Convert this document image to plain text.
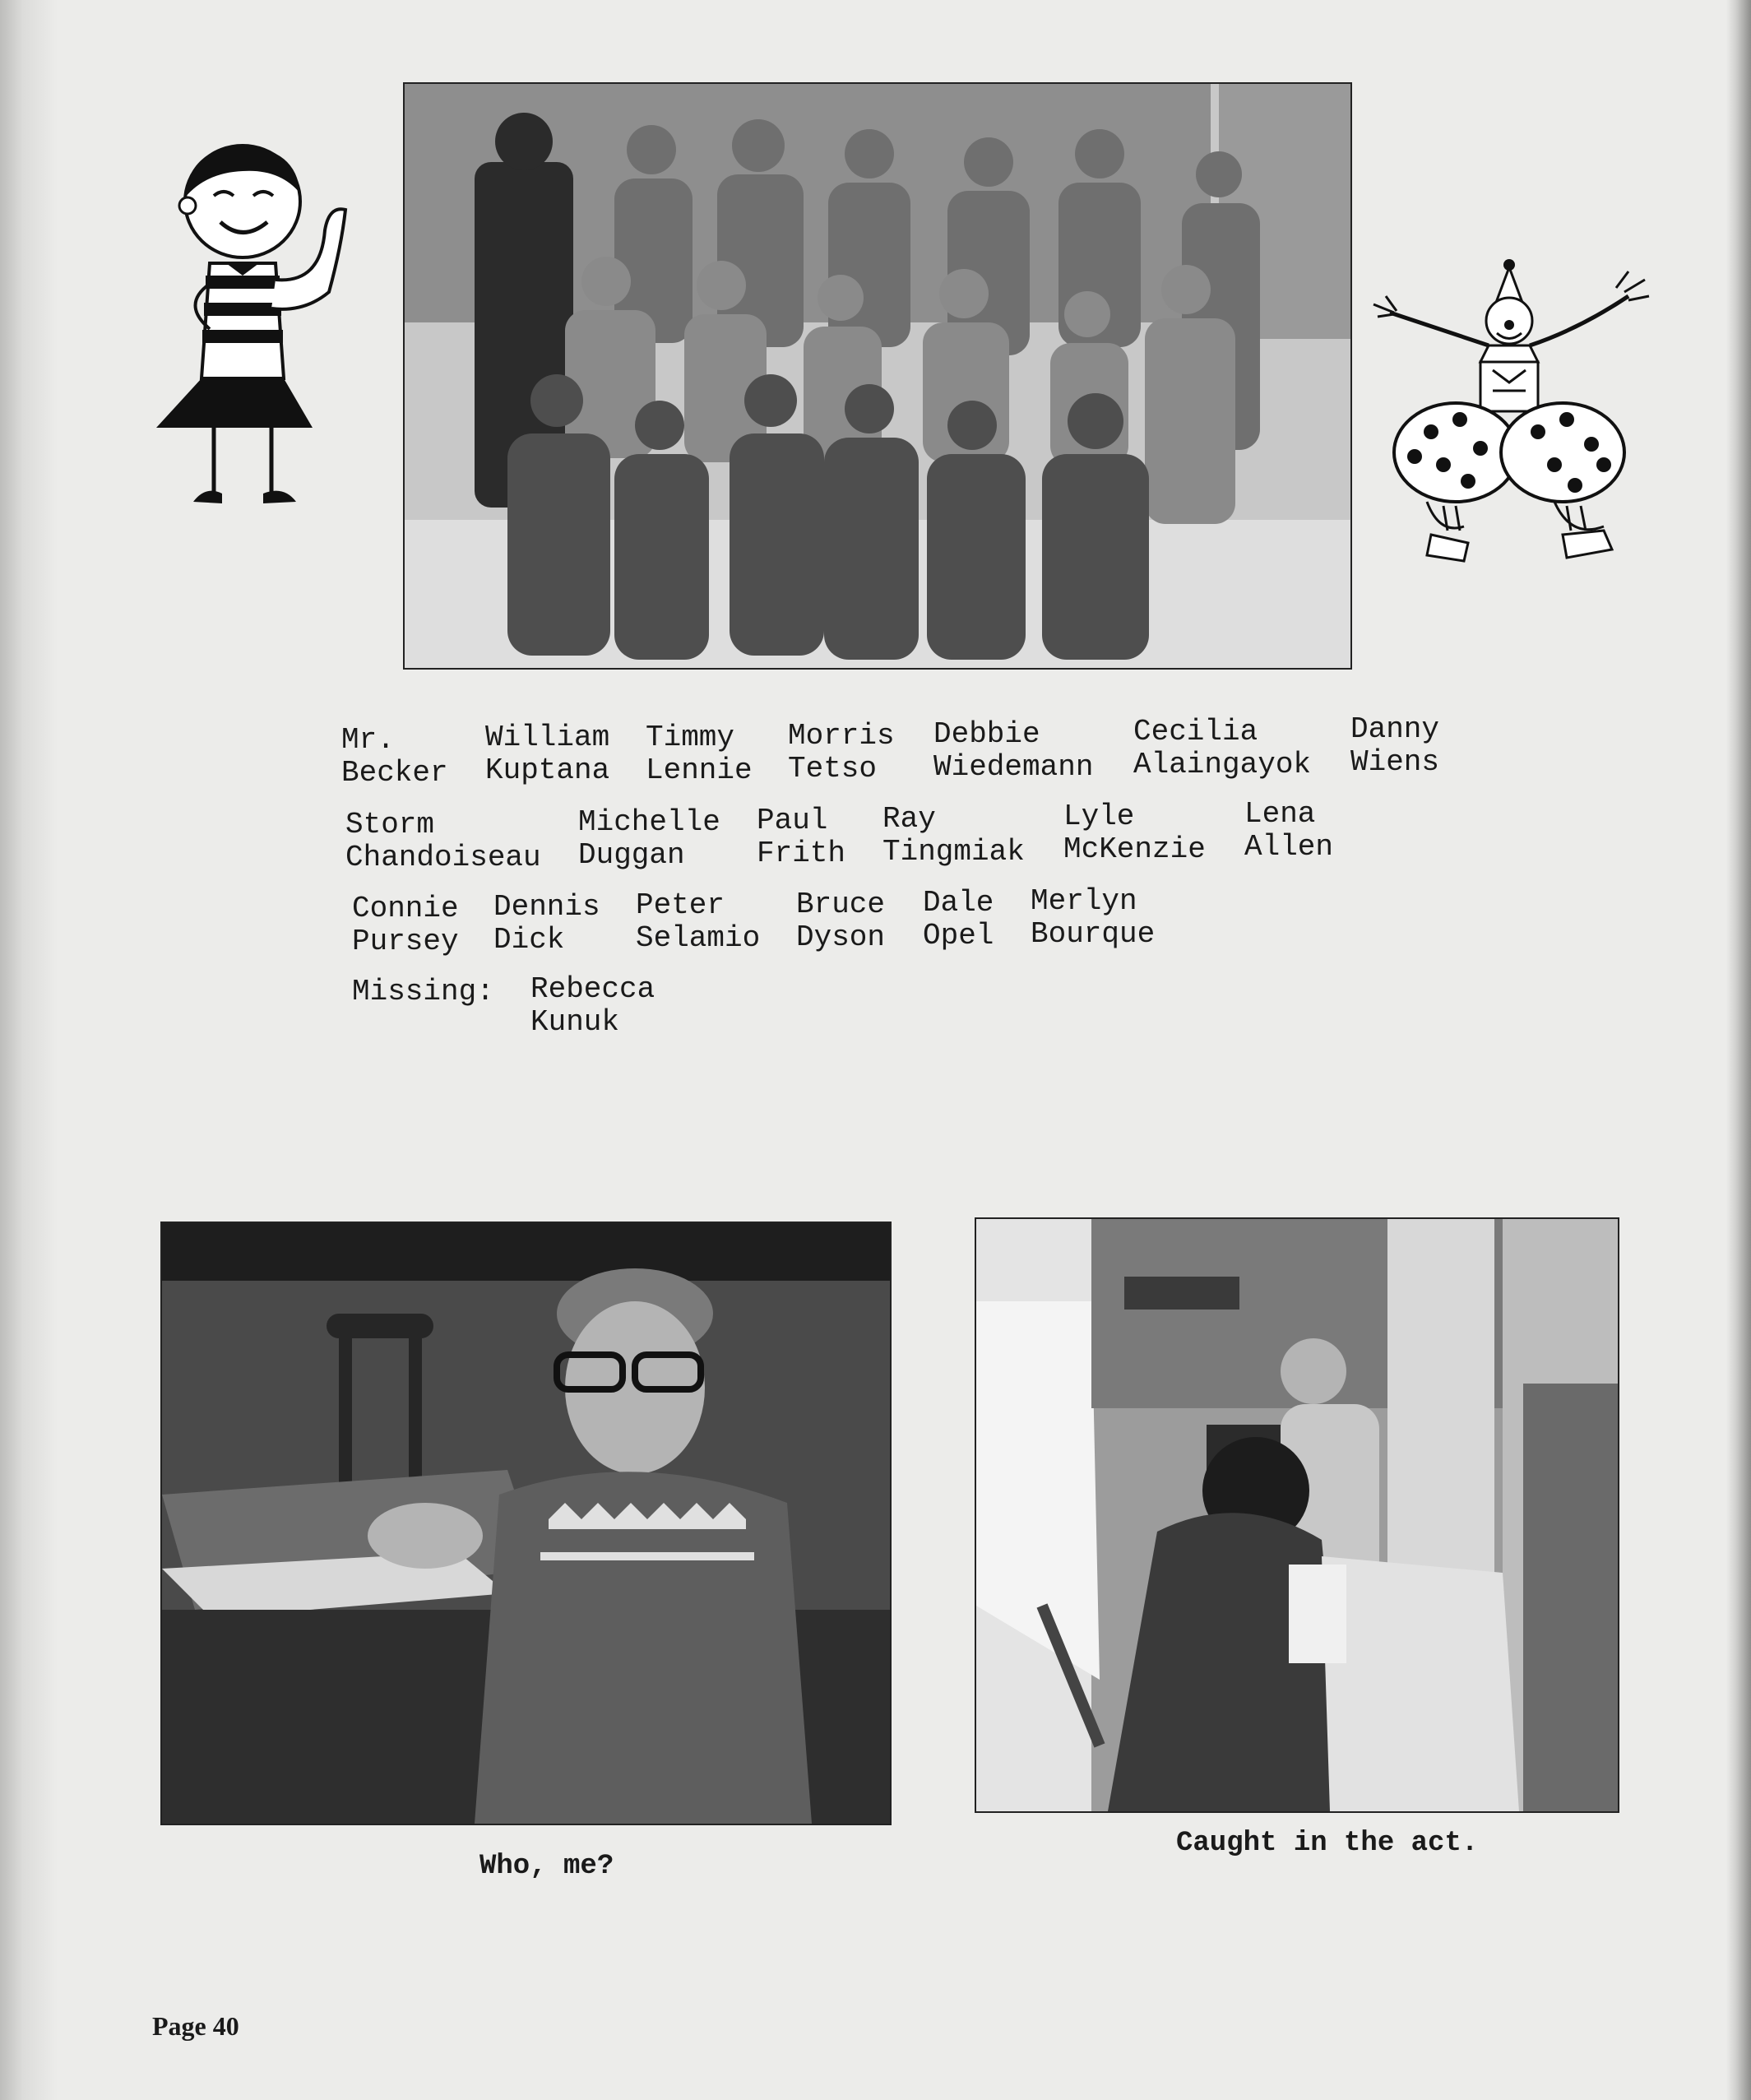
Mr.
Becker

William
Kuptana

Timmy
Lennie

Morris
Tetso

Debbie
Wiedemann

Cecilia
Alaingayok

Danny
Wiens

Storm
Chandoiseau

Michelle
Duggan

Paul
Frith

Ray
Tingmiak

Lyle
McKenzie

Lena
Allen

Connie
Pursey

Dennis
Dick

Peter
Selamio

Bruce
Dyson

Dale
Opel

Merlyn
Bourque

Missing:

Rebecca
Kunuk

Who, me?
Caught in the act.
Page 40
